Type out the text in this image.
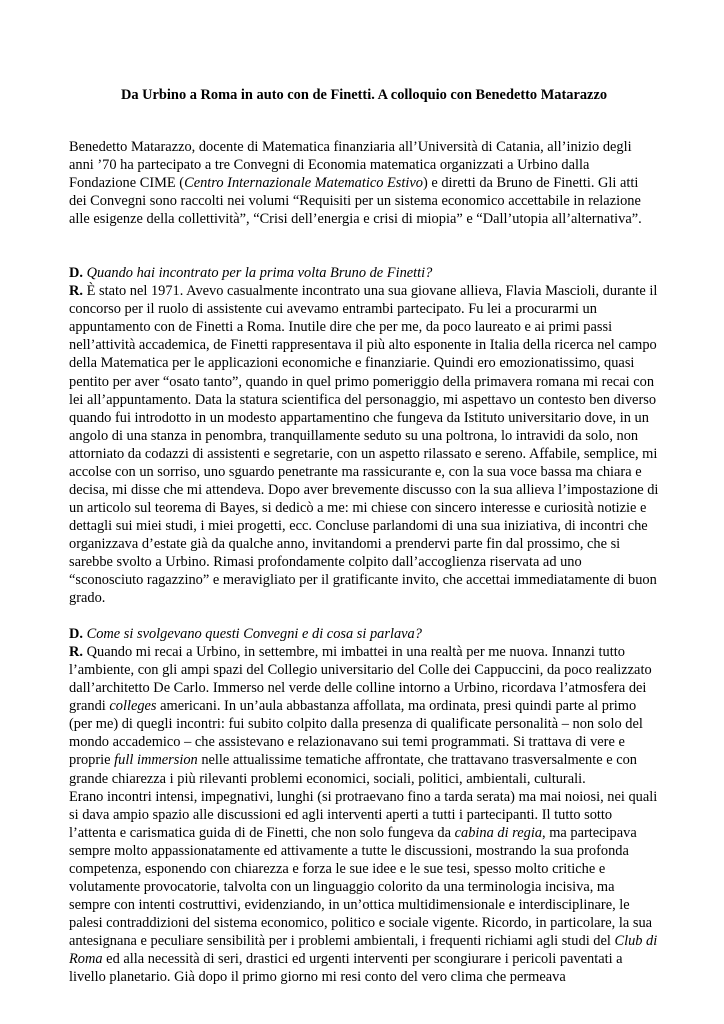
Da Urbino a Roma in auto con de Finetti. A colloquio con Benedetto Matarazzo

Benedetto Matarazzo, docente di Matematica finanziaria all’Università di Catania, all’inizio degli anni ’70 ha partecipato a tre Convegni di Economia matematica organizzati a Urbino dalla Fondazione CIME (Centro Internazionale Matematico Estivo) e diretti da Bruno de Finetti. Gli atti dei Convegni sono raccolti nei volumi “Requisiti per un sistema economico accettabile in relazione alle esigenze della collettività”, “Crisi dell’energia e crisi di miopia” e “Dall’utopia all’alternativa”.

D. Quando hai incontrato per la prima volta Bruno de Finetti?

R. È stato nel 1971. Avevo casualmente incontrato una sua giovane allieva, Flavia Mascioli, durante il concorso per il ruolo di assistente cui avevamo entrambi partecipato. Fu lei a procurarmi un appuntamento con de Finetti a Roma. Inutile dire che per me, da poco laureato e ai primi passi nell’attività accademica, de Finetti rappresentava il più alto esponente in Italia della ricerca nel campo della Matematica per le applicazioni economiche e finanziarie. Quindi ero emozionatissimo, quasi pentito per aver “osato tanto”, quando in quel primo pomeriggio della primavera romana mi recai con lei all’appuntamento. Data la statura scientifica del personaggio, mi aspettavo un contesto ben diverso quando fui introdotto in un modesto appartamentino che fungeva da Istituto universitario dove, in un angolo di una stanza in penombra, tranquillamente seduto su una poltrona, lo intravidi da solo, non attorniato da codazzi di assistenti e segretarie, con un aspetto rilassato e sereno. Affabile, semplice, mi accolse con un sorriso, uno sguardo penetrante ma rassicurante e, con la sua voce bassa ma chiara e decisa, mi disse che mi attendeva. Dopo aver brevemente discusso con la sua allieva l’impostazione di un articolo sul teorema di Bayes, si dedicò a me: mi chiese con sincero interesse e curiosità notizie e dettagli sui miei studi, i miei progetti, ecc. Concluse parlandomi di una sua iniziativa, di incontri che organizzava d’estate già da qualche anno, invitandomi a prendervi parte fin dal prossimo, che si sarebbe svolto a Urbino. Rimasi profondamente colpito dall’accoglienza riservata ad uno “sconosciuto ragazzino” e meravigliato per il gratificante invito, che accettai immediatamente di buon grado.

D. Come si svolgevano questi Convegni e di cosa si parlava?

R. Quando mi recai a Urbino, in settembre, mi imbattei in una realtà per me nuova. Innanzi tutto l’ambiente, con gli ampi spazi del Collegio universitario del Colle dei Cappuccini, da poco realizzato dall’architetto De Carlo. Immerso nel verde delle colline intorno a Urbino, ricordava l’atmosfera dei grandi colleges americani. In un’aula abbastanza affollata, ma ordinata, presi quindi parte al primo (per me) di quegli incontri: fui subito colpito dalla presenza di qualificate personalità – non solo del mondo accademico – che assistevano e relazionavano sui temi programmati. Si trattava di vere e proprie full immersion nelle attualissime tematiche affrontate, che trattavano trasversalmente e con grande chiarezza i più rilevanti problemi economici, sociali, politici, ambientali, culturali.

Erano incontri intensi, impegnativi, lunghi (si protraevano fino a tarda serata) ma mai noiosi, nei quali si dava ampio spazio alle discussioni ed agli interventi aperti a tutti i partecipanti. Il tutto sotto l’attenta e carismatica guida di de Finetti, che non solo fungeva da cabina di regia, ma partecipava sempre molto appassionatamente ed attivamente a tutte le discussioni, mostrando la sua profonda competenza, esponendo con chiarezza e forza le sue idee e le sue tesi, spesso molto critiche e volutamente provocatorie, talvolta con un linguaggio colorito da una terminologia incisiva, ma sempre con intenti costruttivi, evidenziando, in un’ottica multidimensionale e interdisciplinare, le palesi contraddizioni del sistema economico, politico e sociale vigente. Ricordo, in particolare, la sua antesignana e peculiare sensibilità per i problemi ambientali, i frequenti richiami agli studi del Club di Roma ed alla necessità di seri, drastici ed urgenti interventi per scongiurare i pericoli paventati a livello planetario. Già dopo il primo giorno mi resi conto del vero clima che permeava
